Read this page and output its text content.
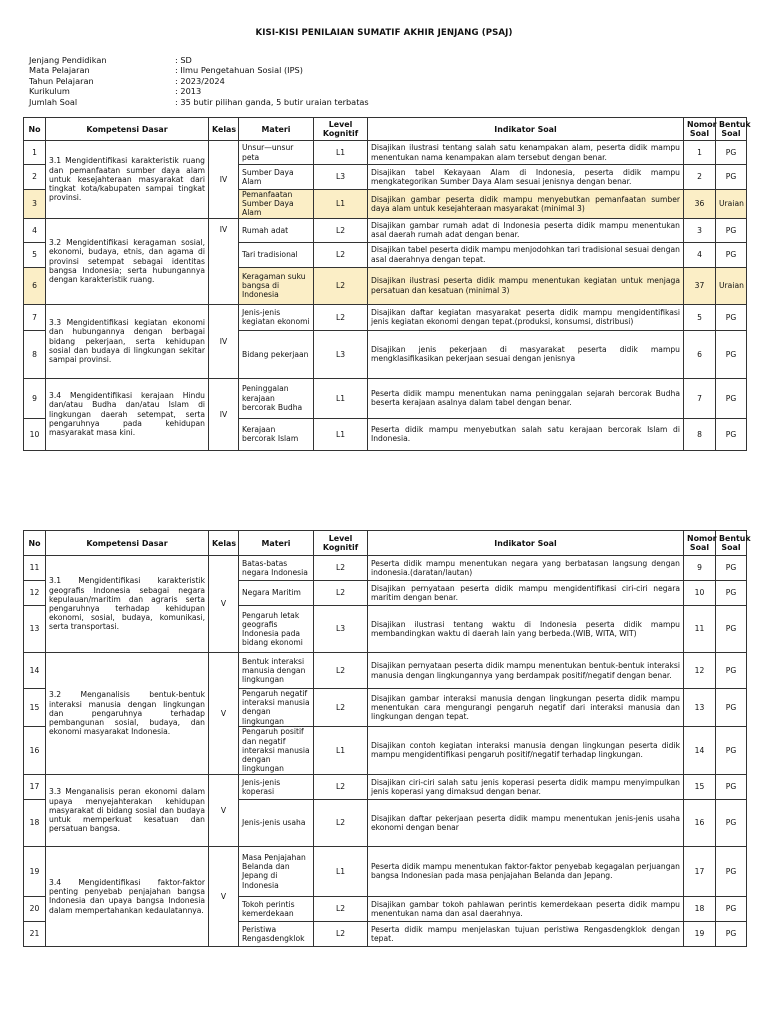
KISI-KISI PENILAIAN SUMATIF AKHIR JENJANG (PSAJ)
Jenjang Pendidikan	: SD
Mata Pelajaran	: Ilmu Pengetahuan Sosial (IPS)
Tahun Pelajaran	: 2023/2024
Kurikulum	: 2013
Jumlah Soal	: 35 butir pilihan ganda, 5 butir uraian terbatas
No	Kompetensi Dasar	Kelas	Materi	Level Kognitif	Indikator Soal	Nomor Soal	Bentuk Soal
1	3.1 Mengidentifikasi karakteristik ruang dan pemanfaatan sumber daya alam untuk kesejahteraan masyarakat dari tingkat kota/kabupaten sampai tingkat provinsi.	IV	Unsur—unsur peta	L1	Disajikan ilustrasi tentang salah satu kenampakan alam, peserta didik mampu menentukan nama kenampakan alam tersebut dengan benar.	1	PG
2			Sumber Daya Alam	L3	Disajikan tabel Kekayaan Alam di Indonesia, peserta didik mampu mengkategorikan Sumber Daya Alam sesuai jenisnya dengan benar.	2	PG
3			Pemanfaatan Sumber Daya Alam	L1	Disajikan gambar peserta didik mampu menyebutkan pemanfaatan sumber daya alam untuk kesejahteraan masyarakat (minimal 3)	36	Uraian
4	3.2 Mengidentifikasi keragaman sosial, ekonomi, budaya, etnis, dan agama di provinsi setempat sebagai identitas bangsa Indonesia; serta hubungannya dengan karakteristik ruang.	IV	Rumah adat	L2	Disajikan gambar rumah adat di Indonesia peserta didik mampu menentukan asal daerah rumah adat dengan benar.	3	PG
5			Tari tradisional	L2	Disajikan tabel peserta didik mampu menjodohkan tari tradisional sesuai dengan asal daerahnya dengan tepat.	4	PG
6			Keragaman suku bangsa di Indonesia	L2	Disajikan ilustrasi peserta didik mampu menentukan kegiatan untuk menjaga persatuan dan kesatuan (minimal 3)	37	Uraian
7	3.3 Mengidentifikasi kegiatan ekonomi dan hubungannya dengan berbagai bidang pekerjaan, serta kehidupan sosial dan budaya di lingkungan sekitar sampai provinsi.	IV	Jenis-jenis kegiatan ekonomi	L2	Disajikan daftar kegiatan masyarakat peserta didik mampu mengidentifikasi jenis kegiatan ekonomi dengan tepat.(produksi, konsumsi, distribusi)	5	PG
8			Bidang pekerjaan	L3	Disajikan jenis pekerjaan di masyarakat peserta didik mampu mengklasifikasikan pekerjaan sesuai dengan jenisnya	6	PG
9	3.4 Mengidentifikasi kerajaan Hindu dan/atau Budha dan/atau Islam di lingkungan daerah setempat, serta pengaruhnya pada kehidupan masyarakat masa kini.	IV	Peninggalan kerajaan bercorak Budha	L1	Peserta didik mampu menentukan nama peninggalan sejarah bercorak Budha beserta kerajaan asalnya dalam tabel dengan benar.	7	PG
10			Kerajaan bercorak Islam	L1	Peserta didik mampu menyebutkan salah satu kerajaan bercorak Islam di Indonesia.	8	PG
No	Kompetensi Dasar	Kelas	Materi	Level Kognitif	Indikator Soal	Nomor Soal	Bentuk Soal
11	3.1 Mengidentifikasi karakteristik geografis Indonesia sebagai negara kepulauan/maritim dan agraris serta pengaruhnya terhadap kehidupan ekonomi, sosial, budaya, komunikasi, serta transportasi.	V	Batas-batas negara Indonesia	L2	Peserta didik mampu menentukan negara yang berbatasan langsung dengan indonesia.(daratan/lautan)	9	PG
12			Negara Maritim	L2	Disajikan pernyataan peserta didik mampu mengidentifikasi ciri-ciri negara maritim dengan benar.	10	PG
13			Pengaruh letak geografis Indonesia pada bidang ekonomi	L3	Disajikan ilustrasi tentang waktu di Indonesia peserta didik mampu membandingkan waktu di daerah lain yang berbeda.(WIB, WITA, WIT)	11	PG
14	3.2 Menganalisis bentuk-bentuk interaksi manusia dengan lingkungan dan pengaruhnya terhadap pembangunan sosial, budaya, dan ekonomi masyarakat Indonesia.	V	Bentuk interaksi manusia dengan lingkungan	L2	Disajikan pernyataan peserta didik mampu menentukan bentuk-bentuk interaksi manusia dengan lingkungannya yang berdampak positif/negatif dengan benar.	12	PG
15			Pengaruh negatif interaksi manusia dengan lingkungan	L2	Disajikan gambar interaksi manusia dengan lingkungan peserta didik mampu menentukan cara mengurangi pengaruh negatif dari interaksi manusia dan lingkungan dengan tepat.	13	PG
16			Pengaruh positif dan negatif interaksi manusia dengan lingkungan	L1	Disajikan contoh kegiatan interaksi manusia dengan lingkungan peserta didik mampu mengidentifikasi pengaruh positif/negatif terhadap lingkungan.	14	PG
17	3.3 Menganalisis peran ekonomi dalam upaya menyejahterakan kehidupan masyarakat di bidang sosial dan budaya untuk memperkuat kesatuan dan persatuan bangsa.	V	Jenis-jenis koperasi	L2	Disajikan ciri-ciri salah satu jenis koperasi peserta didik mampu menyimpulkan jenis koperasi yang dimaksud dengan benar.	15	PG
18			Jenis-jenis usaha	L2	Disajikan daftar pekerjaan peserta didik mampu menentukan jenis-jenis usaha ekonomi dengan benar	16	PG
19	3.4 Mengidentifikasi faktor-faktor penting penyebab penjajahan bangsa Indonesia dan upaya bangsa Indonesia dalam mempertahankan kedaulatannya.	V	Masa Penjajahan Belanda dan Jepang di Indonesia	L1	Peserta didik mampu menentukan faktor-faktor penyebab kegagalan perjuangan bangsa Indonesian pada masa penjajahan Belanda dan Jepang.	17	PG
20			Tokoh perintis kemerdekaan	L2	Disajikan gambar tokoh pahlawan perintis kemerdekaan peserta didik mampu menentukan nama dan asal daerahnya.	18	PG
21			Peristiwa Rengasdengklok	L2	Peserta didik mampu menjelaskan tujuan peristiwa Rengasdengklok dengan tepat.	19	PG
